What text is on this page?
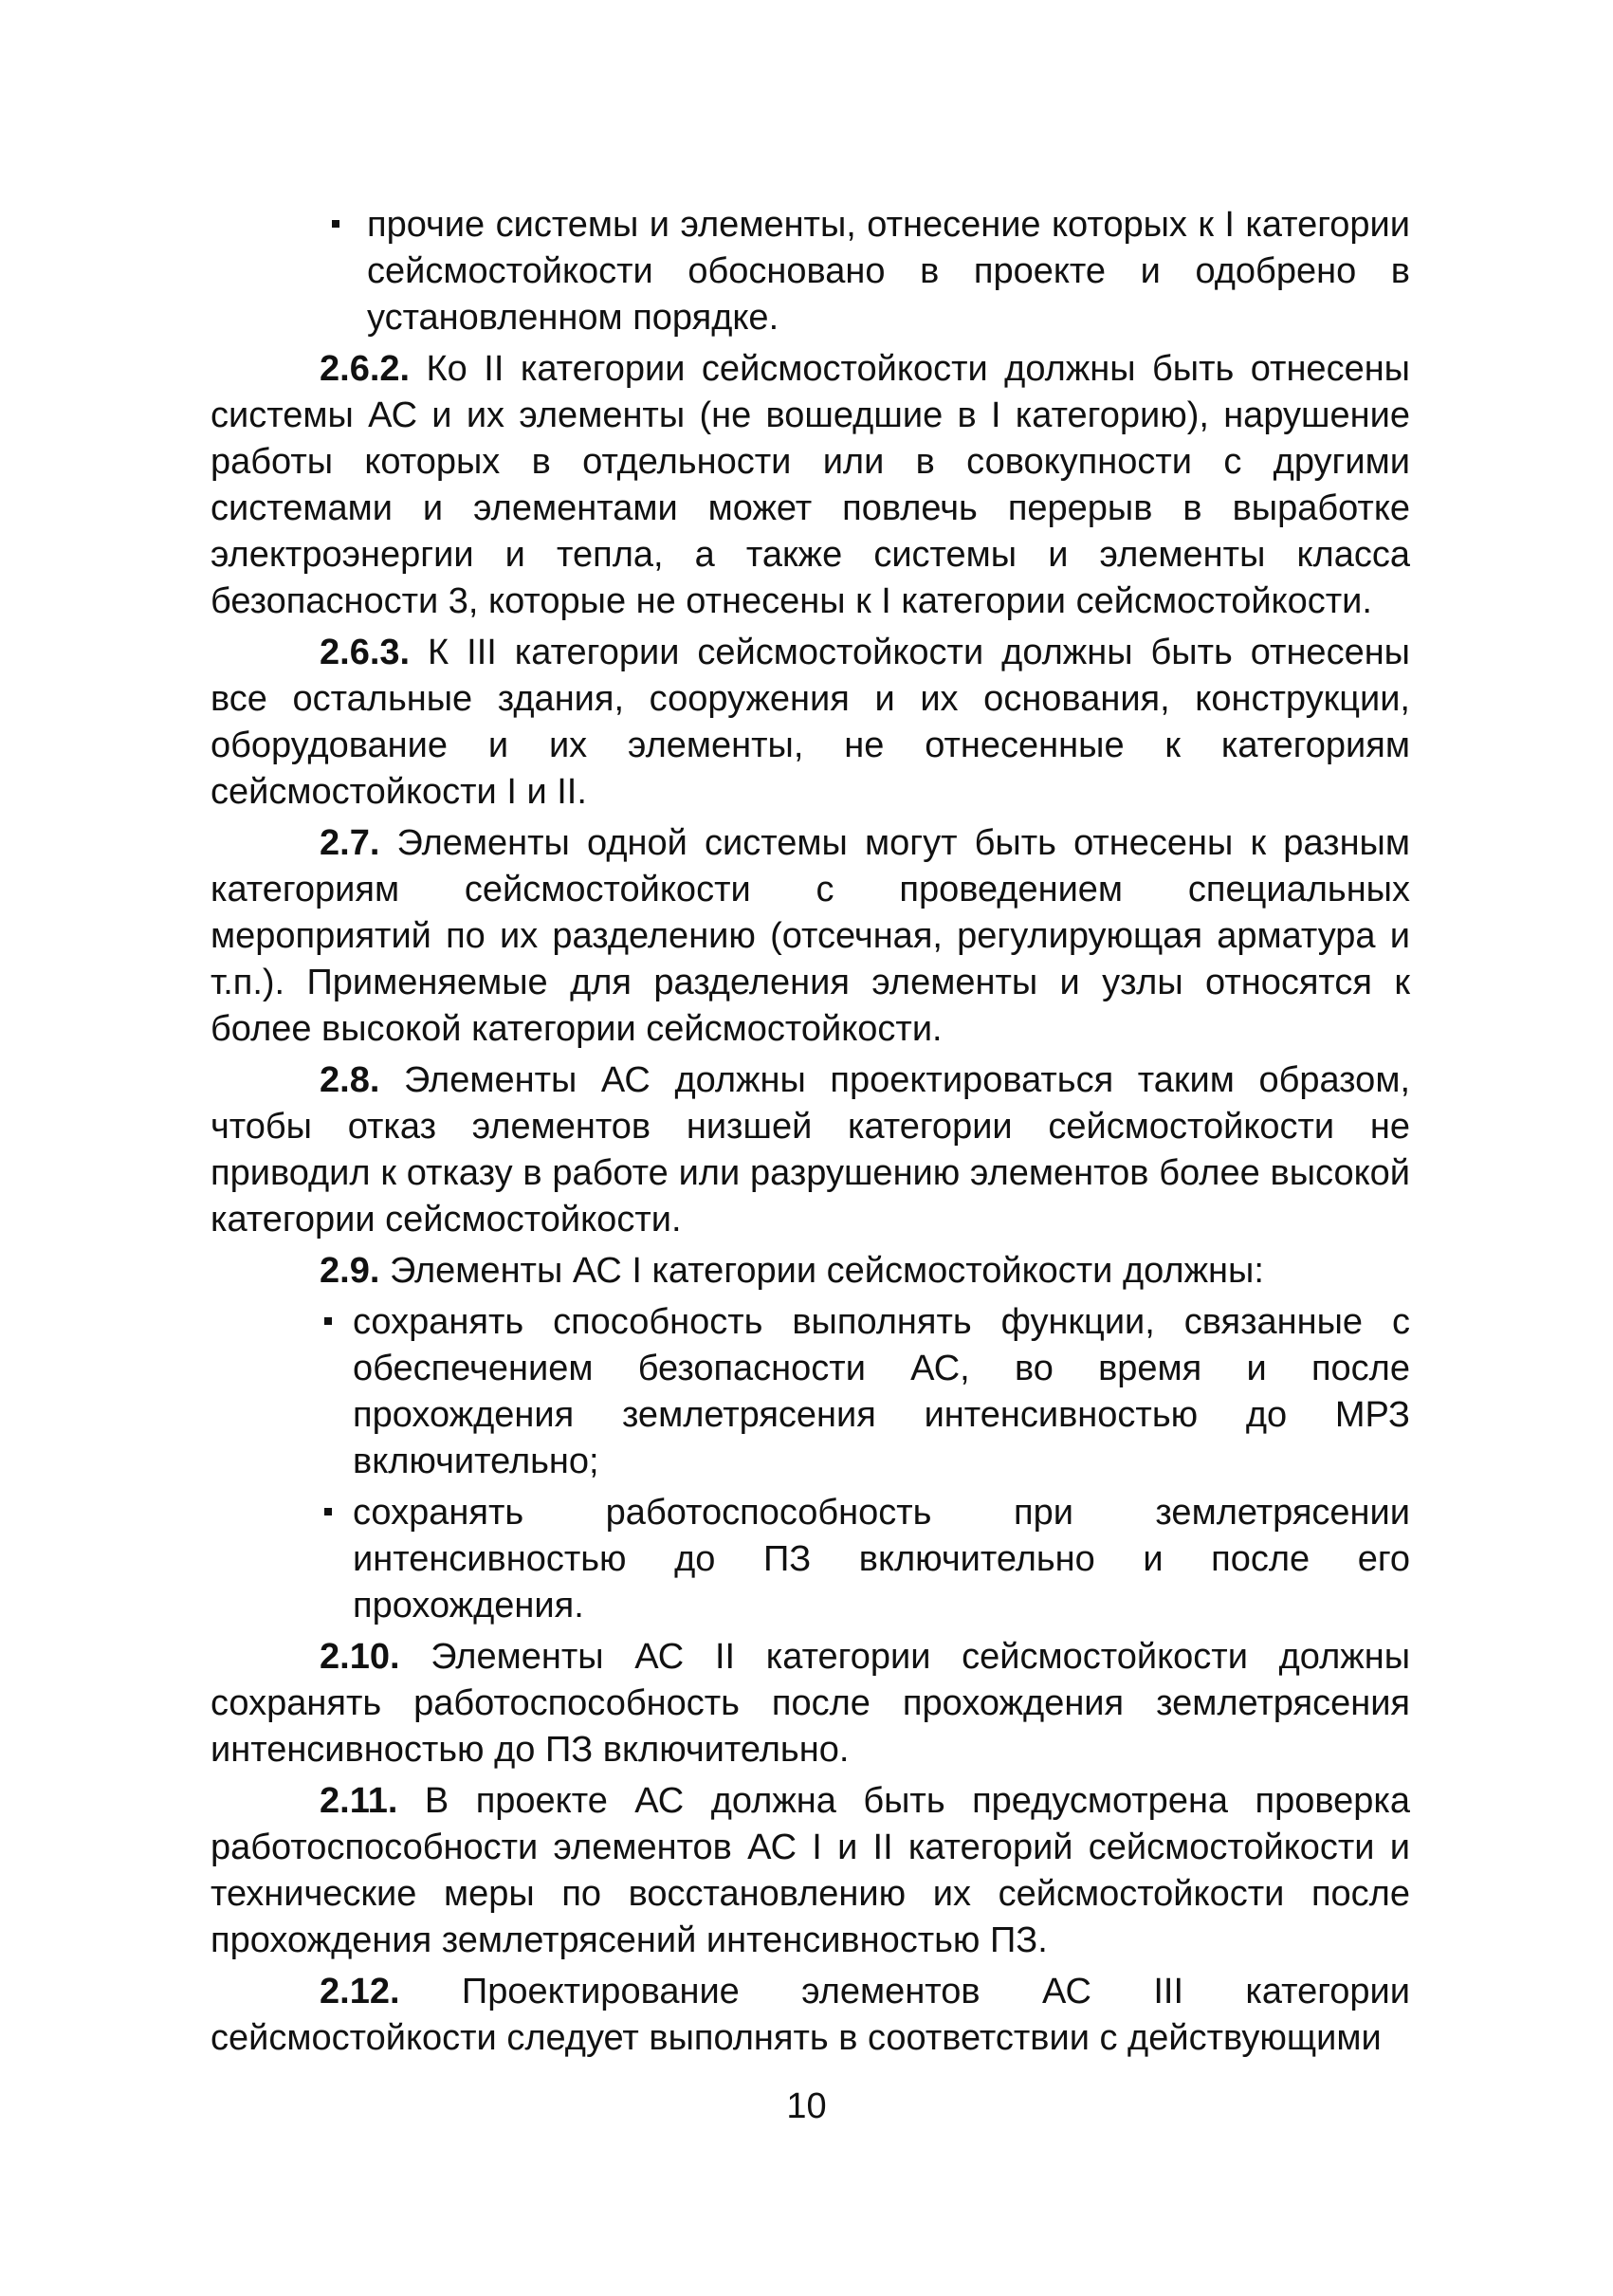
прочие системы и элементы, отнесение которых к I категории сейсмостойкости обосновано в проекте и одобрено в установленном порядке.

2.6.2. Ко II категории сейсмостойкости должны быть отнесены системы АС и их элементы (не вошедшие в I категорию), нарушение работы которых в отдельности или в совокупности с другими системами и элементами может повлечь перерыв в выработке электроэнергии и тепла, а также системы и элементы класса безопасности 3, которые не отнесены к I категории сейсмостойкости.

2.6.3. К III категории сейсмостойкости должны быть отнесены все остальные здания, сооружения и их основания, конструкции, оборудование и их элементы, не отнесенные к категориям сейсмостойкости I и II.

2.7. Элементы одной системы могут быть отнесены к разным категориям сейсмостойкости с проведением специальных мероприятий по их разделению (отсечная, регулирующая арматура и т.п.). Применяемые для разделения элементы и узлы относятся к более высокой категории сейсмостойкости.

2.8. Элементы АС должны проектироваться таким образом, чтобы отказ элементов низшей категории сейсмостойкости не приводил к отказу в работе или разрушению элементов более высокой категории сейсмостойкости.

2.9. Элементы АС I категории сейсмостойкости должны:

сохранять способность выполнять функции, связанные с обеспечением безопасности АС, во время и после прохождения землетрясения интенсивностью до МРЗ включительно;
сохранять работоспособность при землетрясении интенсивностью до ПЗ включительно и после его прохождения.

2.10. Элементы АС II категории сейсмостойкости должны сохранять работоспособность после прохождения землетрясения интенсивностью до ПЗ включительно.

2.11. В проекте АС должна быть предусмотрена проверка работоспособности элементов АС I и II категорий сейсмостойкости и технические меры по восстановлению их сейсмостойкости после прохождения землетрясений интенсивностью ПЗ.

2.12. Проектирование элементов АС III категории сейсмостойкости следует выполнять в соответствии с действующими

10
